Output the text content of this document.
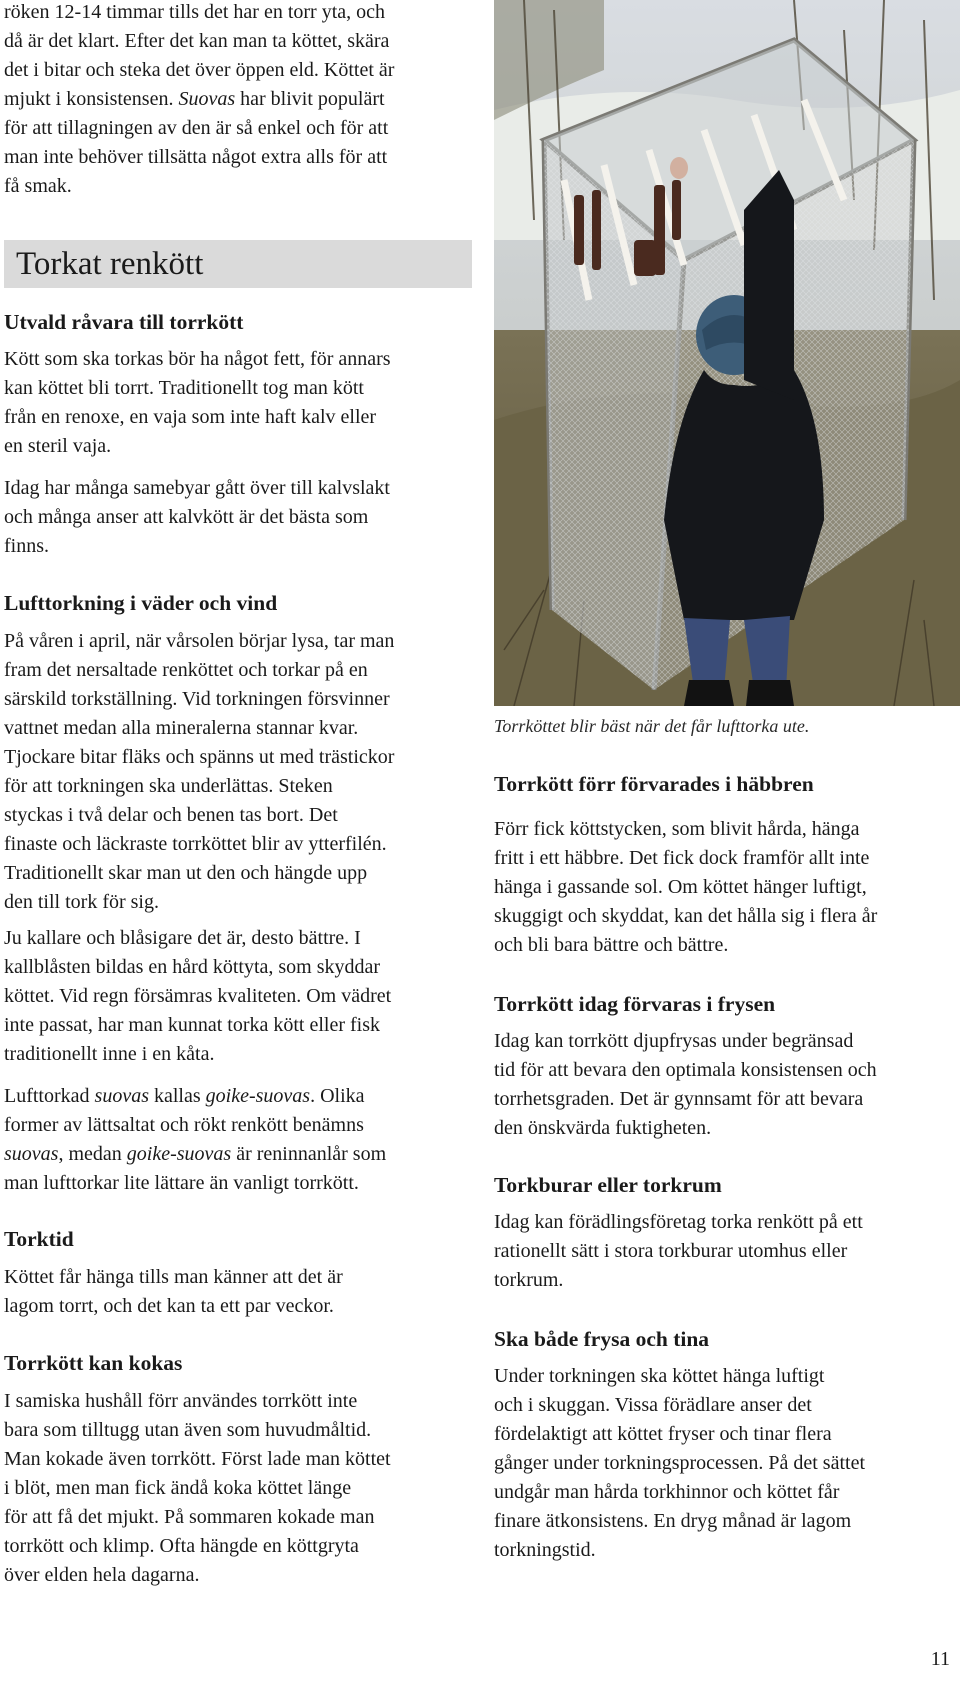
röken 12-14 timmar tills det har en torr yta, och

då är det klart. Efter det kan man ta köttet, skära

det i bitar och steka det över öppen eld. Köttet är

mjukt i konsistensen. Suovas har blivit populärt

för att tillagningen av den är så enkel och för att

man inte behöver tillsätta något extra alls för att

få smak.

Torkat renkött
Utvald råvara till torrkött

Kött som ska torkas bör ha något fett, för annars

kan köttet bli torrt. Traditionellt tog man kött

från en renoxe, en vaja som inte haft kalv eller

en steril vaja.

Idag har många samebyar gått över till kalvslakt

och många anser att kalvkött är det bästa som

finns.

Lufttorkning i väder och vind

På våren i april, när vårsolen börjar lysa, tar man

fram det nersaltade renköttet och torkar på en

särskild torkställning. Vid torkningen försvinner

vattnet medan alla mineralerna stannar kvar.

Tjockare bitar fläks och spänns ut med trästickor

för att torkningen ska underlättas. Steken

styckas i två delar och benen tas bort. Det

finaste och läckraste torrköttet blir av ytterfilén.

Traditionellt skar man ut den och hängde upp

den till tork för sig.

Ju kallare och blåsigare det är, desto bättre. I

kallblåsten bildas en hård köttyta, som skyddar

köttet. Vid regn försämras kvaliteten. Om vädret

inte passat, har man kunnat torka kött eller fisk

traditionellt inne i en kåta.

Lufttorkad suovas kallas goike-suovas. Olika

former av lättsaltat och rökt renkött benämns

suovas, medan goike-suovas är reninnanlår som

man lufttorkar lite lättare än vanligt torrkött.

Torktid

Köttet får hänga tills man känner att det är

lagom torrt, och det kan ta ett par veckor.

Torrkött kan kokas

I samiska hushåll förr användes torrkött inte

bara som tilltugg utan även som huvudmåltid.

Man kokade även torrkött. Först lade man köttet

i blöt, men man fick ändå koka köttet länge

för att få det mjukt. På sommaren kokade man

torrkött och klimp. Ofta hängde en köttgryta

över elden hela dagarna.

Torrköttet blir bäst när det får lufttorka ute.

Torrkött förr förvarades i häbbren

Förr fick köttstycken, som blivit hårda, hänga

fritt i ett häbbre. Det fick dock framför allt inte

hänga i gassande sol. Om köttet hänger luftigt,

skuggigt och skyddat, kan det hålla sig i flera år

och bli bara bättre och bättre.

Torrkött idag förvaras i frysen

Idag kan torrkött djupfrysas under begränsad

tid för att bevara den optimala konsistensen och

torrhetsgraden. Det är gynnsamt för att bevara

den önskvärda fuktigheten.

Torkburar eller torkrum

Idag kan förädlingsföretag torka renkött på ett

rationellt sätt i stora torkburar utomhus eller

torkrum.

Ska både frysa och tina

Under torkningen ska köttet hänga luftigt

och i skuggan. Vissa förädlare anser det

fördelaktigt att köttet fryser och tinar flera

gånger under torkningsprocessen. På det sättet

undgår man hårda torkhinnor och köttet får

finare ätkonsistens. En dryg månad är lagom

torkningstid.

11
